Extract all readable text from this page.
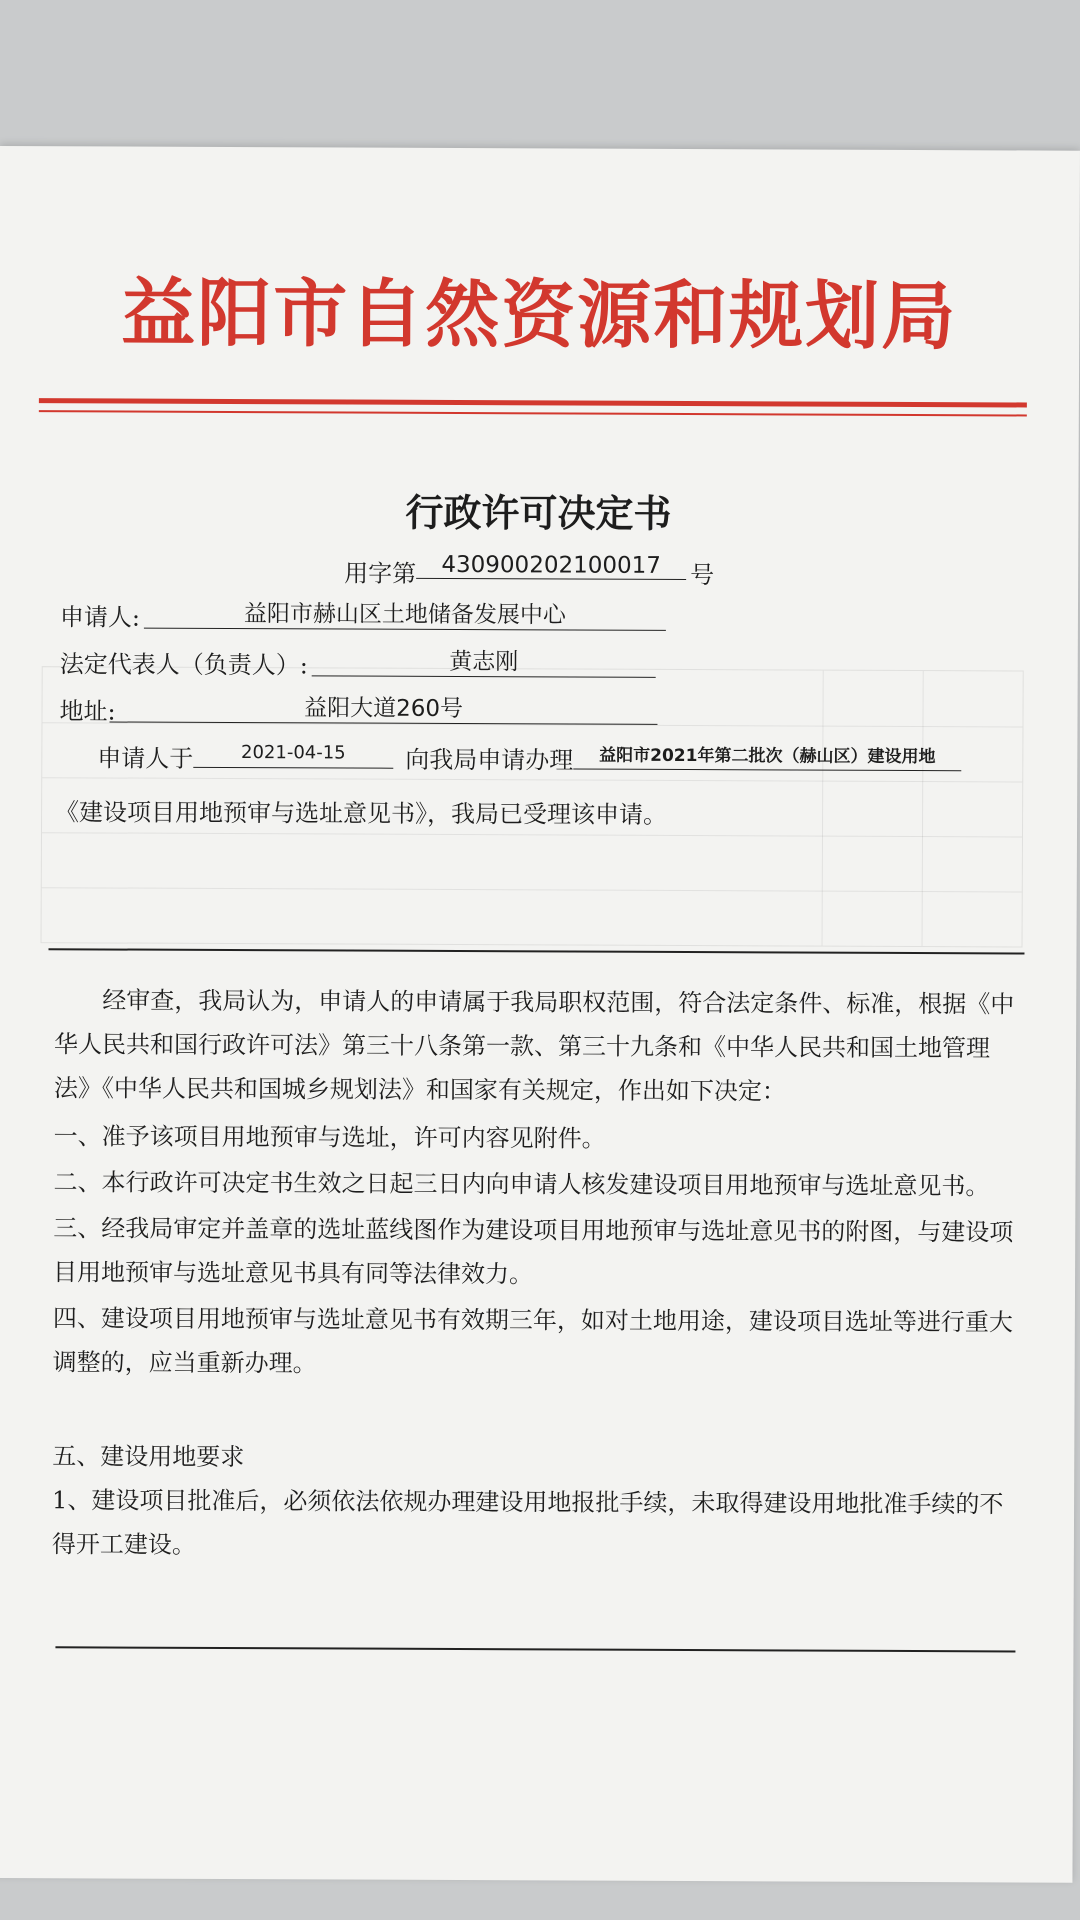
益阳市自然资源和规划局
行政许可决定书
用字第	430900202100017	号
申请人:	益阳市赫山区土地储备发展中心
法定代表人（负责人）:	黄志刚
地址:	益阳大道260号
申请人于	2021-04-15	向我局申请办理	益阳市2021年第二批次（赫山区）建设用地
《建设项目用地预审与选址意见书》，我局已受理该申请。
经审查，我局认为，申请人的申请属于我局职权范围，符合法定条件、标准，根据《中华人民共和国行政许可法》第三十八条第一款、第三十九条和《中华人民共和国土地管理法》《中华人民共和国城乡规划法》和国家有关规定，作出如下决定：
一、准予该项目用地预审与选址，许可内容见附件。
二、本行政许可决定书生效之日起三日内向申请人核发建设项目用地预审与选址意见书。
三、经我局审定并盖章的选址蓝线图作为建设项目用地预审与选址意见书的附图，与建设项目用地预审与选址意见书具有同等法律效力。
四、建设项目用地预审与选址意见书有效期三年，如对土地用途，建设项目选址等进行重大调整的，应当重新办理。
五、建设用地要求
1、建设项目批准后，必须依法依规办理建设用地报批手续，未取得建设用地批准手续的不得开工建设。
